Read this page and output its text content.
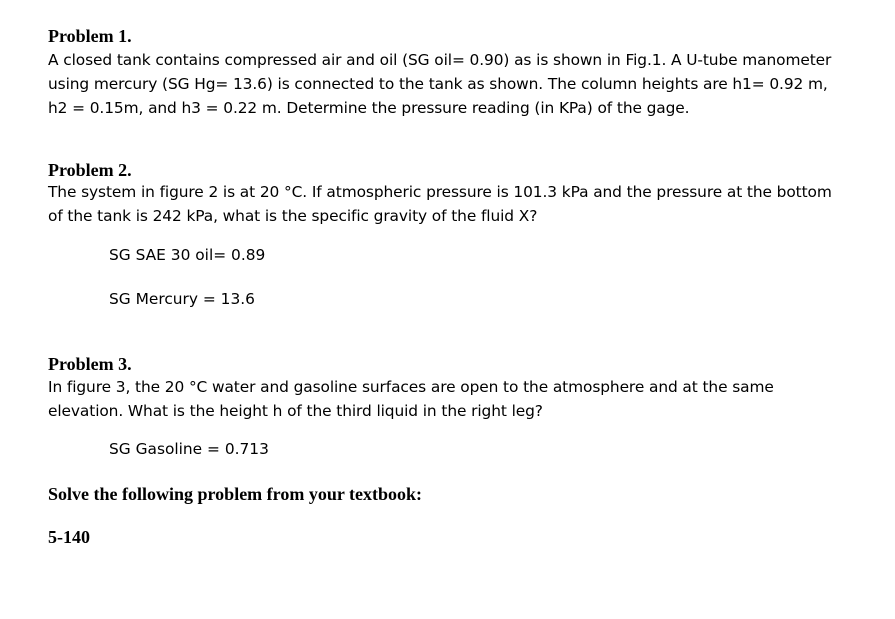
Problem 1.

A closed tank contains compressed air and oil (SG oil= 0.90) as is shown in Fig.1. A U-tube manometer using mercury (SG Hg= 13.6) is connected to the tank as shown. The column heights are h1= 0.92 m, h2 = 0.15m, and h3 = 0.22 m. Determine the pressure reading (in KPa) of the gage.

Problem 2.

The system in figure 2 is at 20 °C. If atmospheric pressure is 101.3 kPa and the pressure at the bottom of the tank is 242 kPa, what is the specific gravity of the fluid X?

SG SAE 30 oil= 0.89

SG Mercury = 13.6

Problem 3.

In figure 3, the 20 °C water and gasoline surfaces are open to the atmosphere and at the same elevation. What is the height h of the third liquid in the right leg?

SG Gasoline = 0.713

Solve the following problem from your textbook:

5-140
